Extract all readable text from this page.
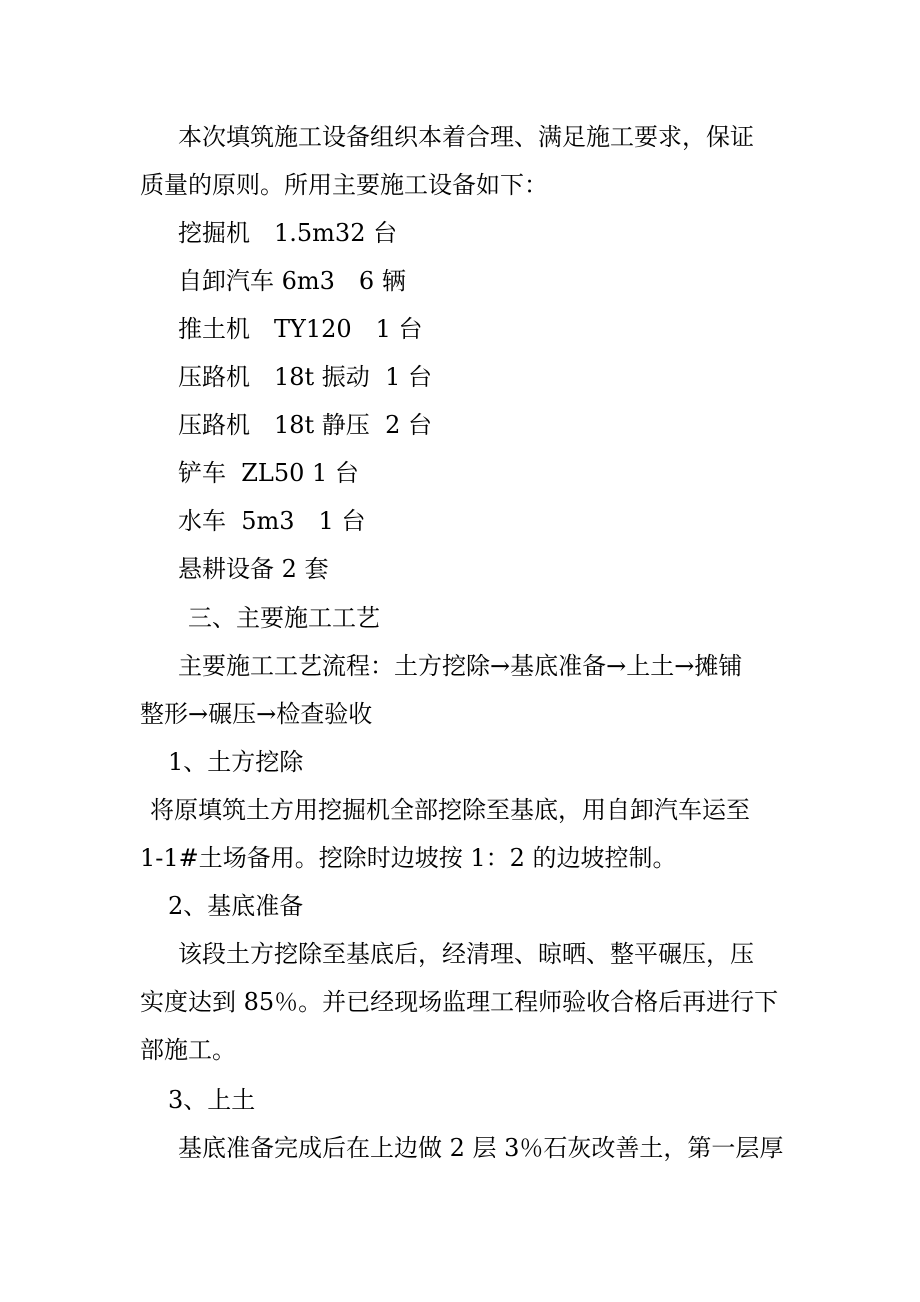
本次填筑施工设备组织本着合理、满足施工要求，保证
质量的原则。所用主要施工设备如下：
挖掘机　1.5m32 台
自卸汽车 6m3　6 辆
推土机　TY120　1 台
压路机　18t 振动  1 台
压路机　18t 静压  2 台
铲车  ZL50 1 台
水车  5m3　1 台
悬耕设备 2 套
三、主要施工工艺
主要施工工艺流程：土方挖除→基底准备→上土→摊铺
整形→碾压→检查验收
1、土方挖除
将原填筑土方用挖掘机全部挖除至基底，用自卸汽车运至
1-1#土场备用。挖除时边坡按 1：2 的边坡控制。
2、基底准备
该段土方挖除至基底后，经清理、晾晒、整平碾压，压
实度达到 85％。并已经现场监理工程师验收合格后再进行下
部施工。
3、上土
基底准备完成后在上边做 2 层 3％石灰改善土，第一层厚
